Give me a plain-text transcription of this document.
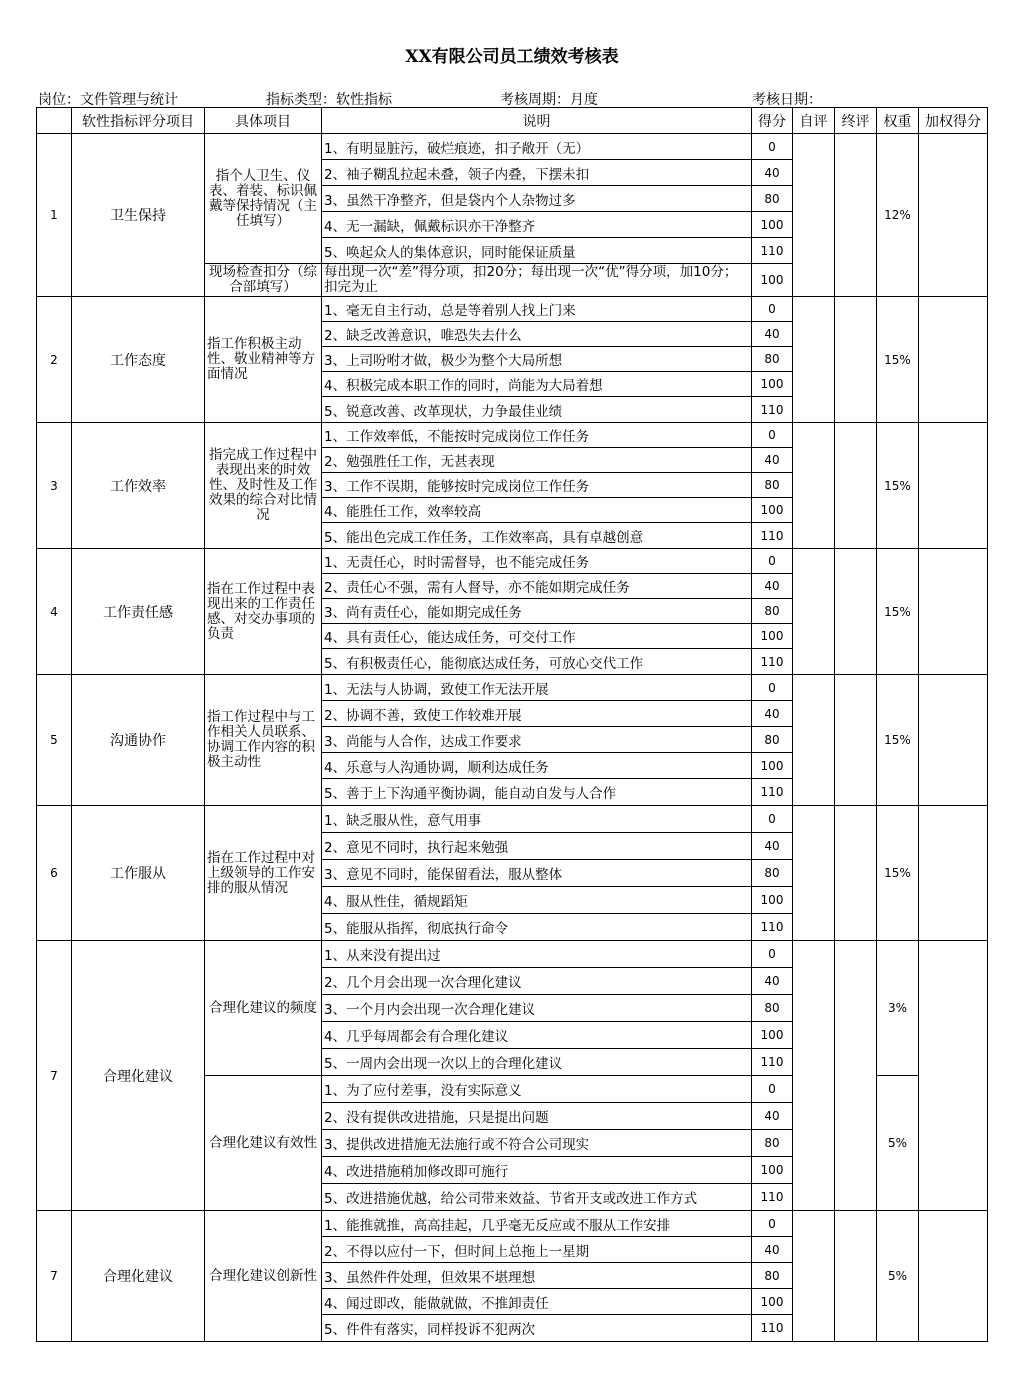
XX有限公司员工绩效考核表
岗位：文件管理与统计	指标类型：软性指标	考核周期：月度	考核日期：
	软性指标评分项目	具体项目	说明	得分	自评	终评	权重	加权得分
1	卫生保持	指个人卫生、仪表、着装、标识佩戴等保持情况（主任填写）	1、有明显脏污，破烂痕迹，扣子敞开（无）	0			12%	
			2、袖子糊乱拉起未叠，领子内叠，下摆未扣	40				
			3、虽然干净整齐，但是袋内个人杂物过多	80				
			4、无一漏缺，佩戴标识亦干净整齐	100				
			5、唤起众人的集体意识，同时能保证质量	110				
		现场检查扣分（综合部填写）	每出现一次“差”得分项，扣20分；每出现一次“优”得分项，加10分；扣完为止	100				
2	工作态度	指工作积极主动性、敬业精神等方面情况	1、毫无自主行动，总是等着别人找上门来	0			15%	
			2、缺乏改善意识，唯恐失去什么	40				
			3、上司吩咐才做，极少为整个大局所想	80				
			4、积极完成本职工作的同时，尚能为大局着想	100				
			5、锐意改善、改革现状，力争最佳业绩	110				
3	工作效率	指完成工作过程中表现出来的时效性、及时性及工作效果的综合对比情况	1、工作效率低，不能按时完成岗位工作任务	0			15%	
			2、勉强胜任工作，无甚表现	40				
			3、工作不误期，能够按时完成岗位工作任务	80				
			4、能胜任工作，效率较高	100				
			5、能出色完成工作任务，工作效率高，具有卓越创意	110				
4	工作责任感	指在工作过程中表现出来的工作责任感、对交办事项的负责	1、无责任心，时时需督导，也不能完成任务	0			15%	
			2、责任心不强，需有人督导，亦不能如期完成任务	40				
			3、尚有责任心，能如期完成任务	80				
			4、具有责任心，能达成任务，可交付工作	100				
			5、有积极责任心，能彻底达成任务，可放心交代工作	110				
5	沟通协作	指工作过程中与工作相关人员联系、协调工作内容的积极主动性	1、无法与人协调，致使工作无法开展	0			15%	
			2、协调不善，致使工作较难开展	40				
			3、尚能与人合作，达成工作要求	80				
			4、乐意与人沟通协调，顺利达成任务	100				
			5、善于上下沟通平衡协调，能自动自发与人合作	110				
6	工作服从	指在工作过程中对上级领导的工作安排的服从情况	1、缺乏服从性，意气用事	0			15%	
			2、意见不同时，执行起来勉强	40				
			3、意见不同时，能保留看法，服从整体	80				
			4、服从性佳，循规蹈矩	100				
			5、能服从指挥，彻底执行命令	110				
7	合理化建议	合理化建议的频度	1、从来没有提出过	0			3%	
			2、几个月会出现一次合理化建议	40				
			3、一个月内会出现一次合理化建议	80				
			4、几乎每周都会有合理化建议	100				
			5、一周内会出现一次以上的合理化建议	110				
		合理化建议有效性	1、为了应付差事，没有实际意义	0			5%	
			2、没有提供改进措施，只是提出问题	40				
			3、提供改进措施无法施行或不符合公司现实	80				
			4、改进措施稍加修改即可施行	100				
			5、改进措施优越，给公司带来效益、节省开支或改进工作方式	110				
7	合理化建议	合理化建议创新性	1、能推就推，高高挂起，几乎毫无反应或不服从工作安排	0			5%	
			2、不得以应付一下，但时间上总拖上一星期	40				
			3、虽然件件处理，但效果不堪理想	80				
			4、闻过即改，能做就做，不推卸责任	100				
			5、件件有落实，同样投诉不犯两次	110				
